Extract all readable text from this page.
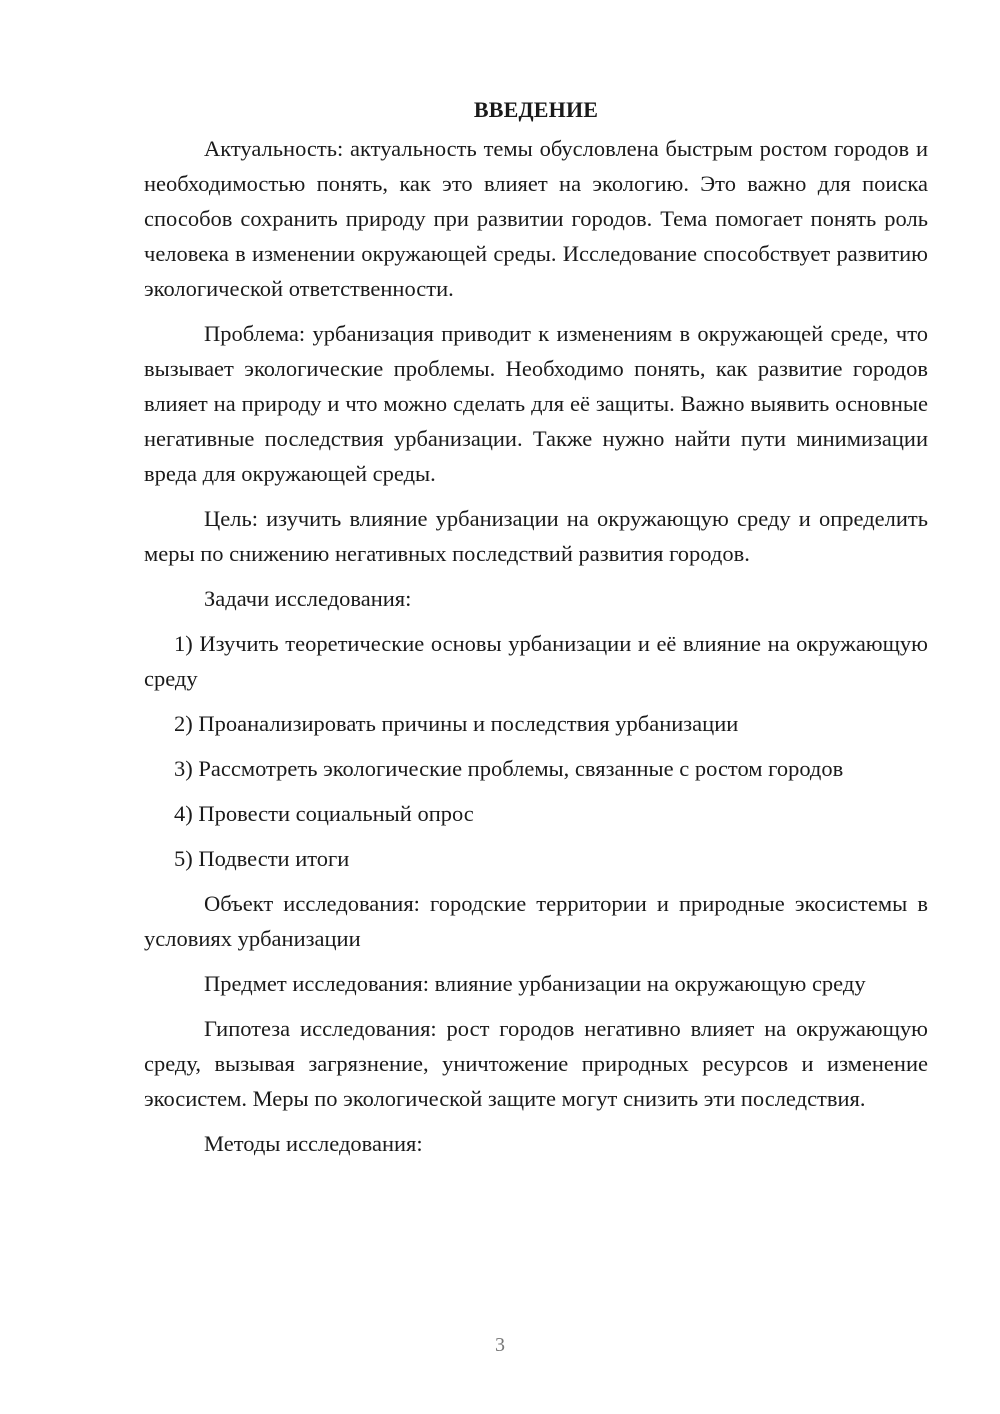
ВВЕДЕНИЕ

Актуальность: актуальность темы обусловлена быстрым ростом городов и необходимостью понять, как это влияет на экологию. Это важно для поиска способов сохранить природу при развитии городов. Тема помогает понять роль человека в изменении окружающей среды. Исследование способствует развитию экологической ответственности.

Проблема: урбанизация приводит к изменениям в окружающей среде, что вызывает экологические проблемы. Необходимо понять, как развитие городов влияет на природу и что можно сделать для её защиты. Важно выявить основные негативные последствия урбанизации. Также нужно найти пути минимизации вреда для окружающей среды.

Цель: изучить влияние урбанизации на окружающую среду и определить меры по снижению негативных последствий развития городов.

Задачи исследования:

1) Изучить теоретические основы урбанизации и её влияние на окружающую среду

2) Проанализировать причины и последствия урбанизации

3) Рассмотреть экологические проблемы, связанные с ростом городов

4) Провести социальный опрос

5) Подвести итоги

Объект исследования: городские территории и природные экосистемы в условиях урбанизации

Предмет исследования: влияние урбанизации на окружающую среду

Гипотеза исследования: рост городов негативно влияет на окружающую среду, вызывая загрязнение, уничтожение природных ресурсов и изменение экосистем. Меры по экологической защите могут снизить эти последствия.

Методы исследования:

3
